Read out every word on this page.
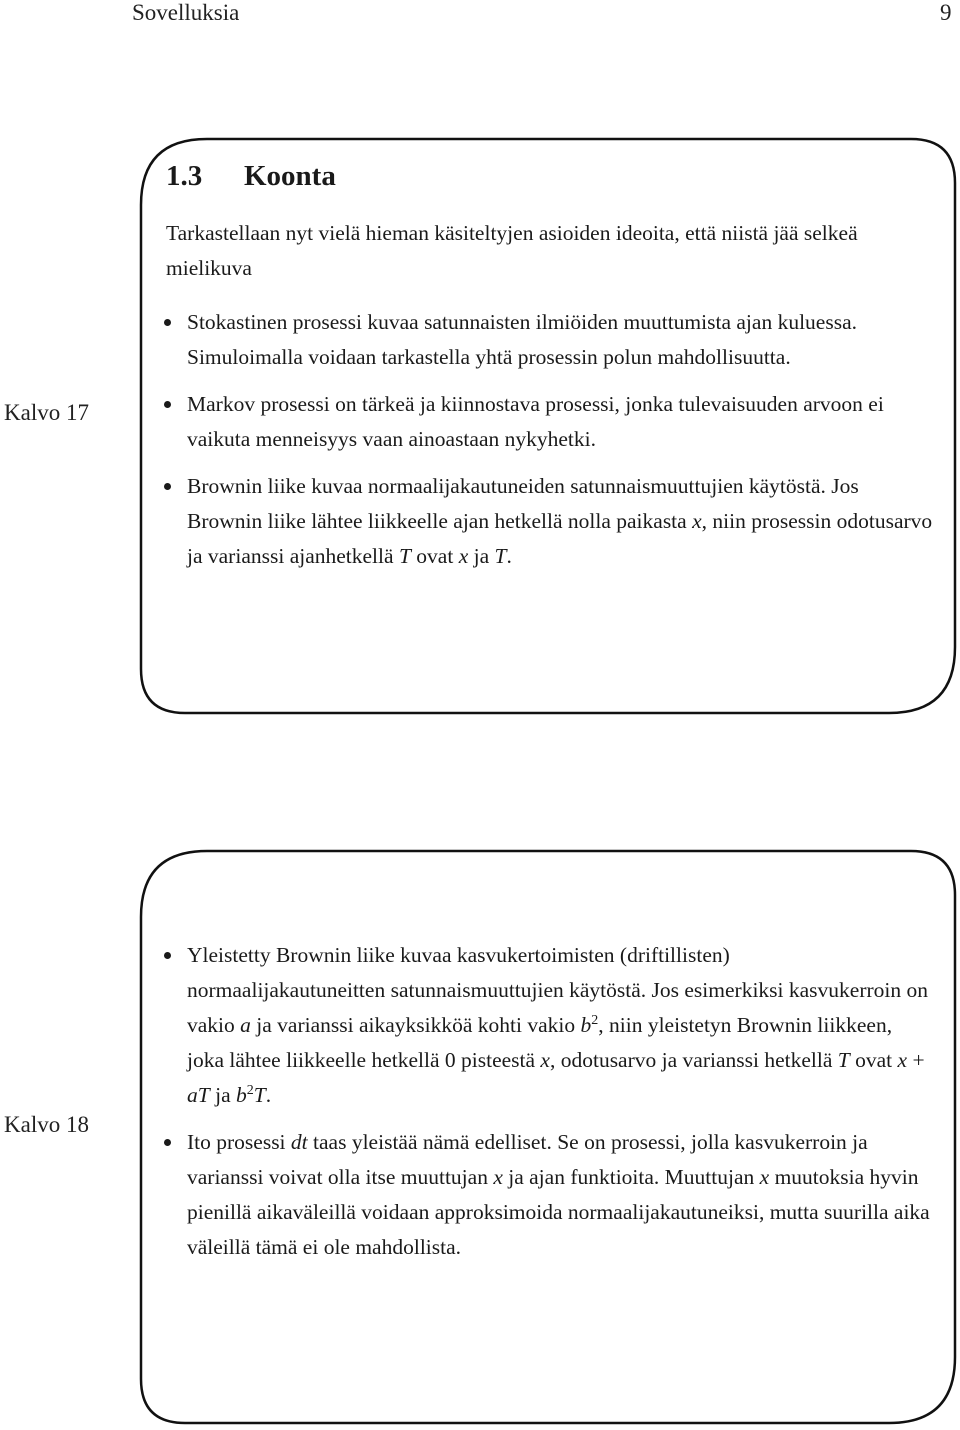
Sovelluksia	9
Kalvo 17
1.3 Koonta

Tarkastellaan nyt vielä hieman käsiteltyjen asioiden ideoita, että niistä jää selkeä mielikuva

Stokastinen prosessi kuvaa satunnaisten ilmiöiden muuttumista ajan kuluessa. Simuloimalla voidaan tarkastella yhtä prosessin polun mahdollisuutta.
Markov prosessi on tärkeä ja kiinnostava prosessi, jonka tulevaisuuden arvoon ei vaikuta menneisyys vaan ainoastaan nykyhetki.
Brownin liike kuvaa normaalijakautuneiden satunnaismuuttujien käytöstä. Jos Brownin liike lähtee liikkeelle ajan hetkellä nolla paikasta x, niin prosessin odotusarvo ja varianssi ajanhetkellä T ovat x ja T.
Kalvo 18
Yleistetty Brownin liike kuvaa kasvukertoimisten (driftillisten) normaalijakautuneitten satunnaismuuttujien käytöstä. Jos esimerkiksi kasvukerroin on vakio a ja varianssi aikayksikköä kohti vakio $b^2$, niin yleistetyn Brownin liikkeen, joka lähtee liikkeelle hetkellä 0 pisteestä x, odotusarvo ja varianssi hetkellä T ovat x + aT ja $b^2T$.
Ito prosessi dt taas yleistää nämä edelliset. Se on prosessi, jolla kasvukerroin ja varianssi voivat olla itse muuttujan x ja ajan funktioita. Muuttujan x muutoksia hyvin pienillä aikaväleillä voidaan approksimoida normaalijakautuneiksi, mutta suurilla aika väleillä tämä ei ole mahdollista.
